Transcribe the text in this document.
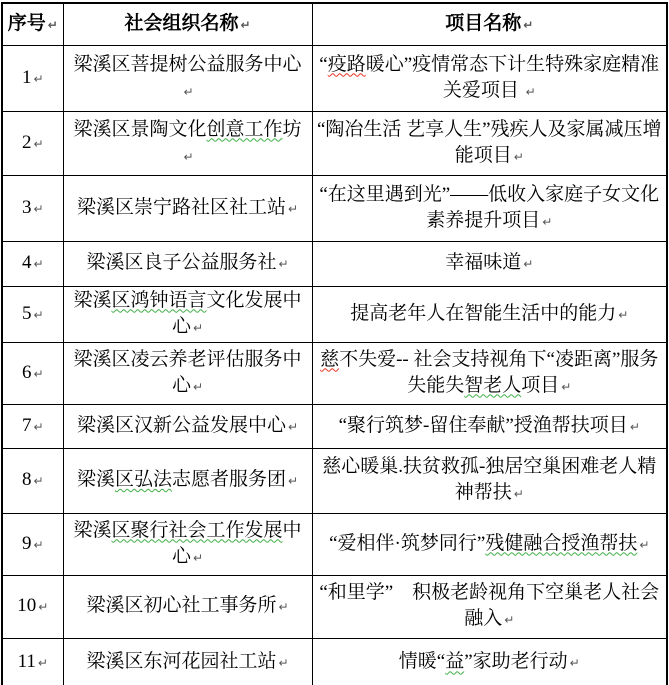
序号 ↵	社会组织名称 ↵	项目名称 ↵
1 ↵	梁溪区菩提树公益服务中心↵	“疫路暖心”疫情常态下计生特殊家庭精准关爱项目 ↵
2 ↵	梁溪区景陶文化创意工作坊↵	“陶冶生活 艺享人生”残疾人及家属减压增能项目 ↵
3 ↵	梁溪区崇宁路社区社工站 ↵	“在这里遇到光”——低收入家庭子女文化素养提升项目 ↵
4 ↵	梁溪区良子公益服务社 ↵	幸福味道 ↵
5 ↵	梁溪区鸿钟语言文化发展中心 ↵	提高老年人在智能生活中的能力 ↵
6 ↵	梁溪区凌云养老评估服务中心 ↵	慈不失爱-- 社会支持视角下“凌距离”服务失能失智老人项目 ↵
7 ↵	梁溪区汉新公益发展中心 ↵	“聚行筑梦-留住奉献”授渔帮扶项目 ↵
8 ↵	梁溪区弘法志愿者服务团 ↵	慈心暖巢.扶贫救孤-独居空巢困难老人精神帮扶 ↵
9 ↵	梁溪区聚行社会工作发展中心 ↵	“爱相伴·筑梦同行”残健融合授渔帮扶 ↵
10 ↵	梁溪区初心社工事务所 ↵	“和里学”　积极老龄视角下空巢老人社会融入 ↵
11 ↵	梁溪区东河花园社工站 ↵	情暖“益”家助老行动 ↵
